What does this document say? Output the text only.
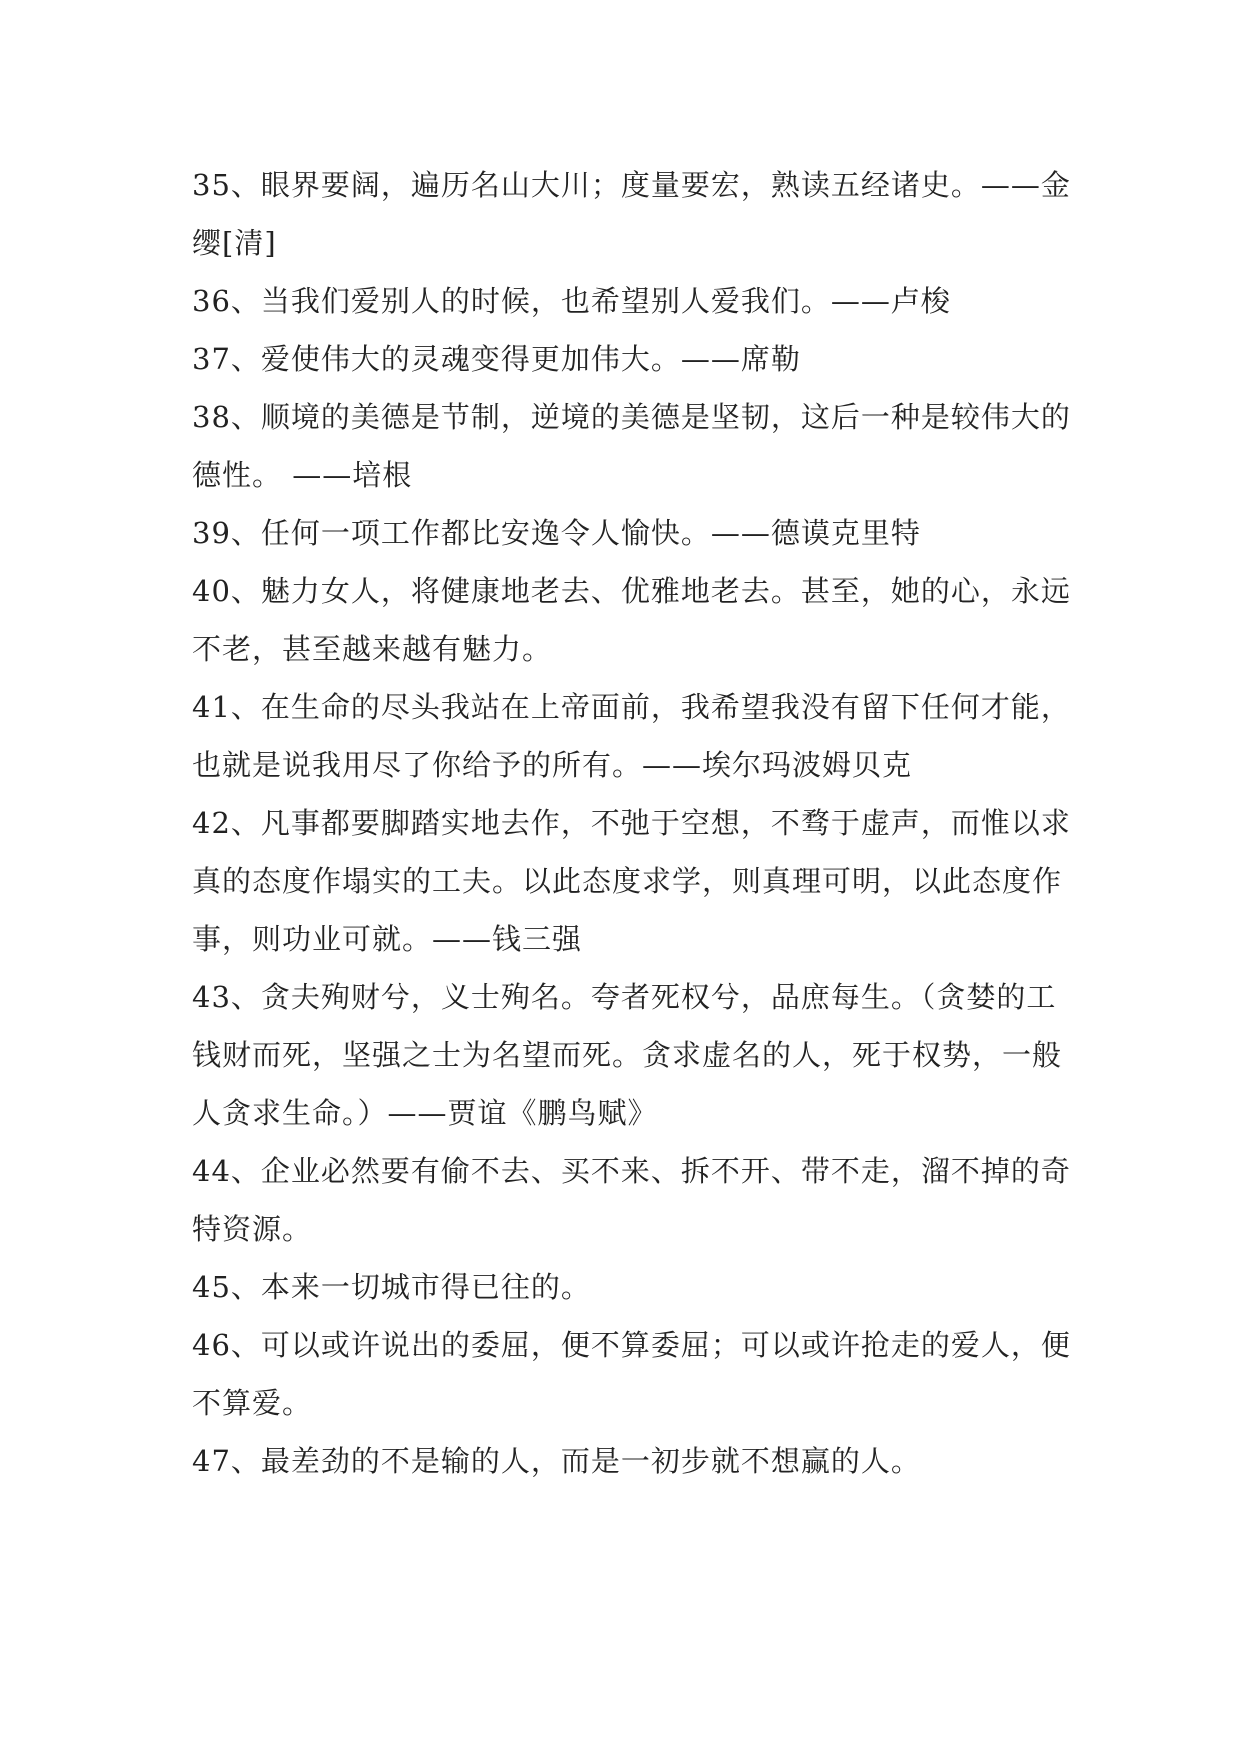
35、眼界要阔，遍历名山大川；度量要宏，熟读五经诸史。——金缨[清]

36、当我们爱别人的时候，也希望别人爱我们。——卢梭

37、爱使伟大的灵魂变得更加伟大。——席勒

38、顺境的美德是节制，逆境的美德是坚韧，这后一种是较伟大的德性。 ——培根

39、任何一项工作都比安逸令人愉快。——德谟克里特

40、魅力女人，将健康地老去、优雅地老去。甚至，她的心，永远不老，甚至越来越有魅力。

41、在生命的尽头我站在上帝面前，我希望我没有留下任何才能，也就是说我用尽了你给予的所有。——埃尔玛波姆贝克

42、凡事都要脚踏实地去作，不弛于空想，不骛于虚声，而惟以求真的态度作塌实的工夫。以此态度求学，则真理可明，以此态度作事，则功业可就。——钱三强

43、贪夫殉财兮，义士殉名。夸者死权兮，品庶每生。（贪婪的工钱财而死，坚强之士为名望而死。贪求虚名的人，死于权势，一般人贪求生命。）——贾谊《鹏鸟赋》

44、企业必然要有偷不去、买不来、拆不开、带不走，溜不掉的奇特资源。

45、本来一切城市得已往的。

46、可以或许说出的委屈，便不算委屈；可以或许抢走的爱人，便不算爱。

47、最差劲的不是输的人，而是一初步就不想赢的人。
